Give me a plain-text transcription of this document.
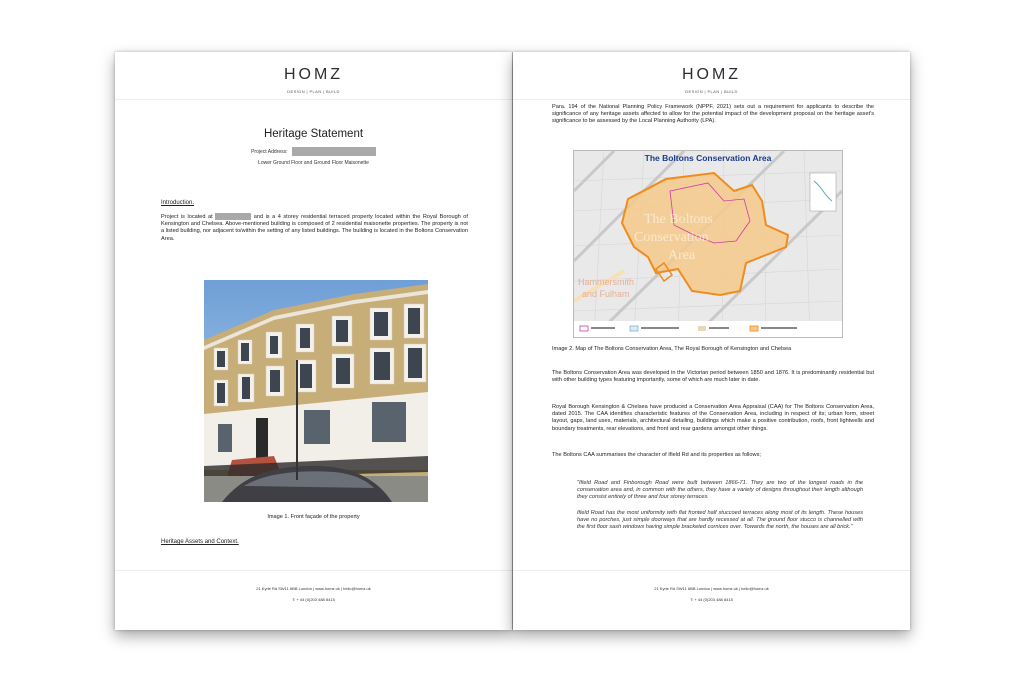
HOMZ
DESIGN | PLAN | BUILD
Heritage Statement
Project Address:
Lower Ground Floor and Ground Floor Maisonette
Introduction.
Project is located at	and is a 4 storey residential terraced property located within the Royal Borough of Kensington and Chelsea. Above-mentioned building is composed of 2 residential maisonette properties. The property is not a listed building, nor adjacent to/within the setting of any listed buildings. The building is located in the Boltons Conservation Area.
Image 1. Front façade of the property
Heritage Assets and Context.
21 Kyrle Rd SW11 6BB London | www.homz.uk | hello@homz.uk
T: + 44 (0)203 488 8415
HOMZ
DESIGN | PLAN | BUILD
Para. 194 of the National Planning Policy Framework (NPPF, 2021) sets out a requirement for applicants to describe the significance of any heritage assets affected to allow for the potential impact of the development proposal on the heritage asset's significance to be assessed by the Local Planning Authority (LPA).
The Boltons
Conservation
Area
Hammersmith
and Fulham
The Boltons Conservation Area
Image 2. Map of The Boltons Conservation Area, The Royal Borough of Kensington and Chelsea
The Boltons Conservation Area was developed in the Victorian period between 1850 and 1876. It is predominantly residential but with other building types featuring importantly, some of which are much later in date.
Royal Borough Kensington & Chelsea have produced a Conservation Area Appraisal (CAA) for The Boltons Conservation Area, dated 2015. The CAA identifies characteristic features of the Conservation Area, including in respect of its; urban form, street layout, gaps, land uses, materials, architectural detailing, buildings which make a positive contribution, roofs, front lightwells and boundary treatments, rear elevations, and front and rear gardens amongst other things.
The Boltons CAA summarises the character of Ifield Rd and its properties as follows;
"Ifield Road and Finborough Road were built between 1866-71. They are two of the longest roads in the conservation area and, in common with the others, they have a variety of designs throughout their length although they consist entirely of three and four storey terraces.
Ifield Road has the most uniformity with flat fronted half stuccoed terraces along most of its length. These houses have no porches, just simple doorways that are hardly recessed at all. The ground floor stucco is channelled with the first floor sash windows having simple bracketed cornices over. Towards the north, the houses are all brick."
21 Kyrle Rd SW11 6BB London | www.homz.uk | hello@homz.uk
T: + 44 (0)203 488 8415
